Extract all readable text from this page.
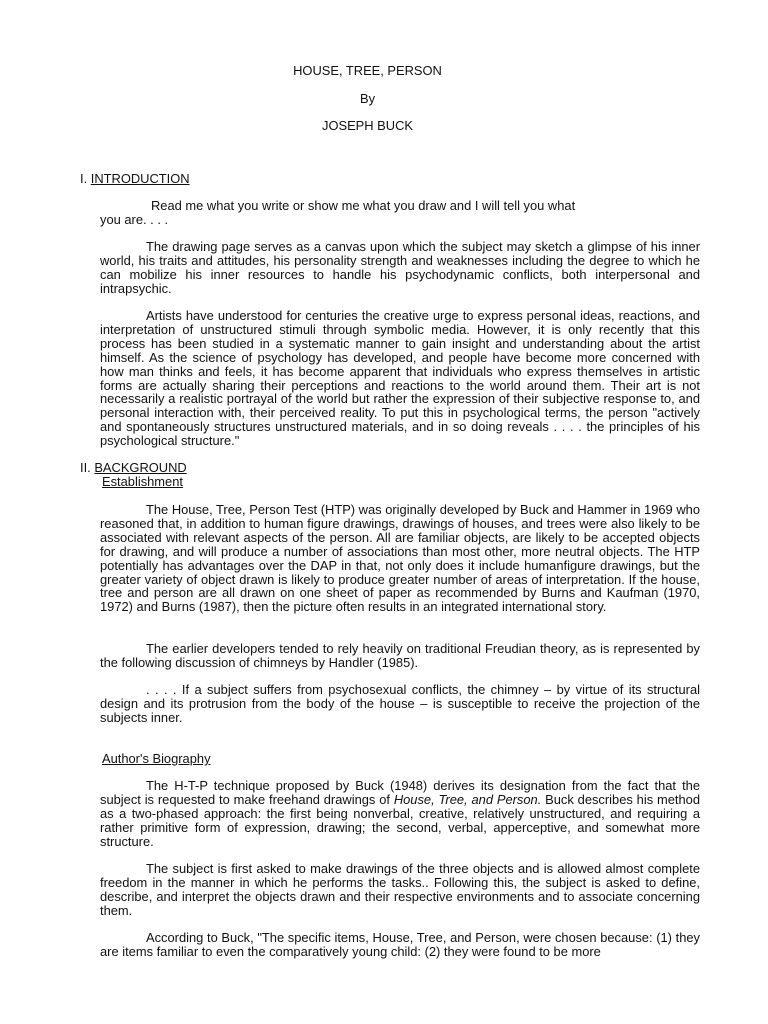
HOUSE, TREE, PERSON
By
JOSEPH BUCK
I. INTRODUCTION
Read me what you write or show me what you draw and I will tell you what
you are. . . .
The drawing page serves as a canvas upon which the subject may sketch a glimpse of his inner world, his traits and attitudes, his personality strength and weaknesses including the degree to which he can mobilize his inner resources to handle his psychodynamic conflicts, both interpersonal and intrapsychic.
Artists have understood for centuries the creative urge to express personal ideas, reactions, and interpretation of unstructured stimuli through symbolic media. However, it is only recently that this process has been studied in a systematic manner to gain insight and understanding about the artist himself. As the science of psychology has developed, and people have become more concerned with how man thinks and feels, it has become apparent that individuals who express themselves in artistic forms are actually sharing their perceptions and reactions to the world around them. Their art is not necessarily a realistic portrayal of the world but rather the expression of their subjective response to, and personal interaction with, their perceived reality. To put this in psychological terms, the person "actively and spontaneously structures unstructured materials, and in so doing reveals . . . . the principles of his psychological structure."
II. BACKGROUND
Establishment
The House, Tree, Person Test (HTP) was originally developed by Buck and Hammer in 1969 who reasoned that, in addition to human figure drawings, drawings of houses, and trees were also likely to be associated with relevant aspects of the person. All are familiar objects, are likely to be accepted objects for drawing, and will produce a number of associations than most other, more neutral objects. The HTP potentially has advantages over the DAP in that, not only does it include humanfigure drawings, but the greater variety of object drawn is likely to produce greater number of areas of interpretation. If the house, tree and person are all drawn on one sheet of paper as recommended by Burns and Kaufman (1970, 1972) and Burns (1987), then the picture often results in an integrated international story.
The earlier developers tended to rely heavily on traditional Freudian theory, as is represented by the following discussion of chimneys by Handler (1985).
. . . . If a subject suffers from psychosexual conflicts, the chimney – by virtue of its structural design and its protrusion from the body of the house – is susceptible to receive the projection of the subjects inner.
Author's Biography
The H-T-P technique proposed by Buck (1948) derives its designation from the fact that the subject is requested to make freehand drawings of House, Tree, and Person. Buck describes his method as a two-phased approach: the first being nonverbal, creative, relatively unstructured, and requiring a rather primitive form of expression, drawing; the second, verbal, apperceptive, and somewhat more structure.
The subject is first asked to make drawings of the three objects and is allowed almost complete freedom in the manner in which he performs the tasks.. Following this, the subject is asked to define, describe, and interpret the objects drawn and their respective environments and to associate concerning them.
According to Buck, "The specific items, House, Tree, and Person, were chosen because: (1) they are items familiar to even the comparatively young child: (2) they were found to be more
